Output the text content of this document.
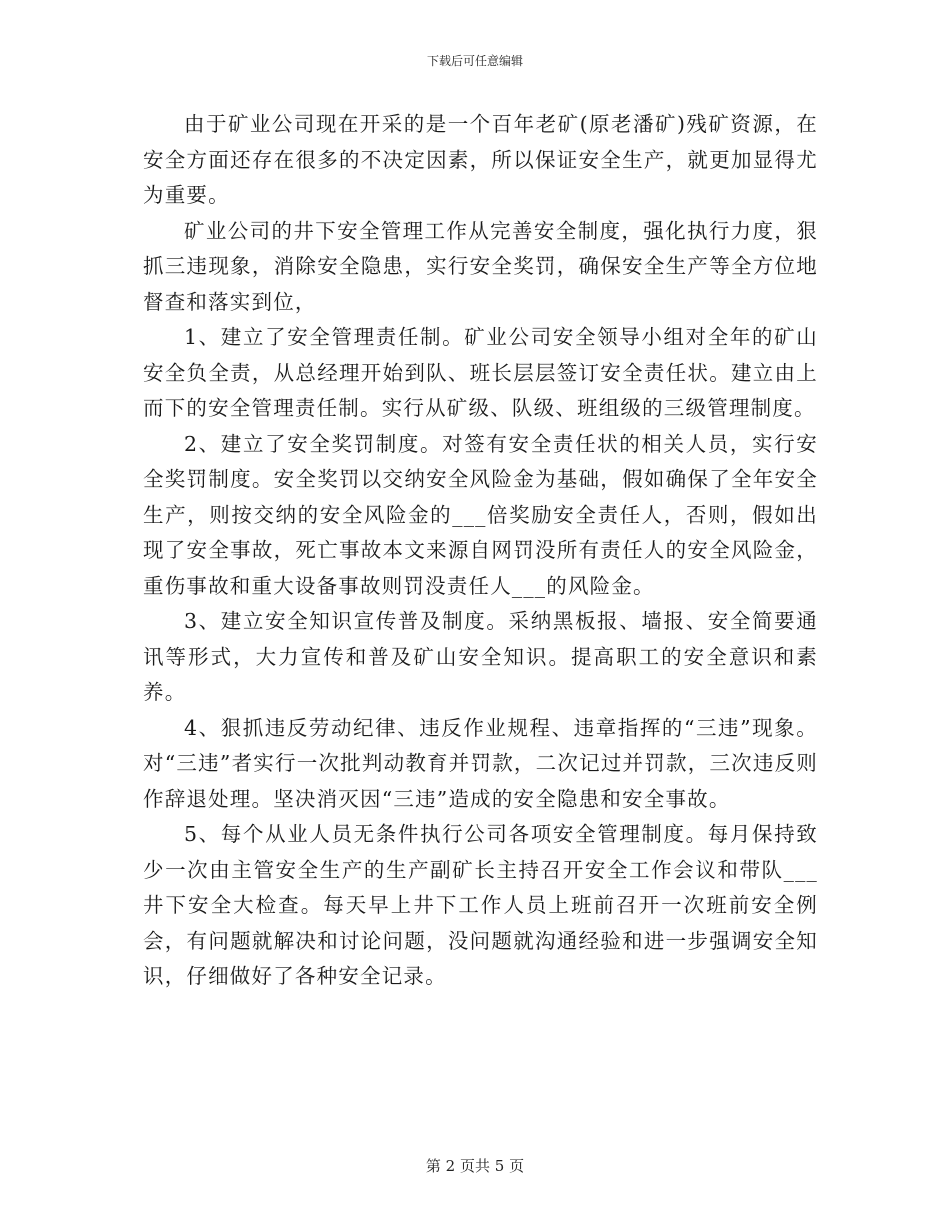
下载后可任意编辑

由于矿业公司现在开采的是一个百年老矿(原老潘矿)残矿资源，在安全方面还存在很多的不决定因素，所以保证安全生产，就更加显得尤为重要。

矿业公司的井下安全管理工作从完善安全制度，强化执行力度，狠抓三违现象，消除安全隐患，实行安全奖罚，确保安全生产等全方位地督查和落实到位，

1、建立了安全管理责任制。矿业公司安全领导小组对全年的矿山安全负全责，从总经理开始到队、班长层层签订安全责任状。建立由上而下的安全管理责任制。实行从矿级、队级、班组级的三级管理制度。

2、建立了安全奖罚制度。对签有安全责任状的相关人员，实行安全奖罚制度。安全奖罚以交纳安全风险金为基础，假如确保了全年安全生产，则按交纳的安全风险金的___倍奖励安全责任人，否则，假如出现了安全事故，死亡事故本文来源自网罚没所有责任人的安全风险金，重伤事故和重大设备事故则罚没责任人___的风险金。

3、建立安全知识宣传普及制度。采纳黑板报、墙报、安全简要通讯等形式，大力宣传和普及矿山安全知识。提高职工的安全意识和素养。

4、狠抓违反劳动纪律、违反作业规程、违章指挥的“三违”现象。对“三违”者实行一次批判动教育并罚款，二次记过并罚款，三次违反则作辞退处理。坚决消灭因“三违”造成的安全隐患和安全事故。

5、每个从业人员无条件执行公司各项安全管理制度。每月保持致少一次由主管安全生产的生产副矿长主持召开安全工作会议和带队___井下安全大检查。每天早上井下工作人员上班前召开一次班前安全例会，有问题就解决和讨论问题，没问题就沟通经验和进一步强调安全知识，仔细做好了各种安全记录。

第 2 页共 5 页
